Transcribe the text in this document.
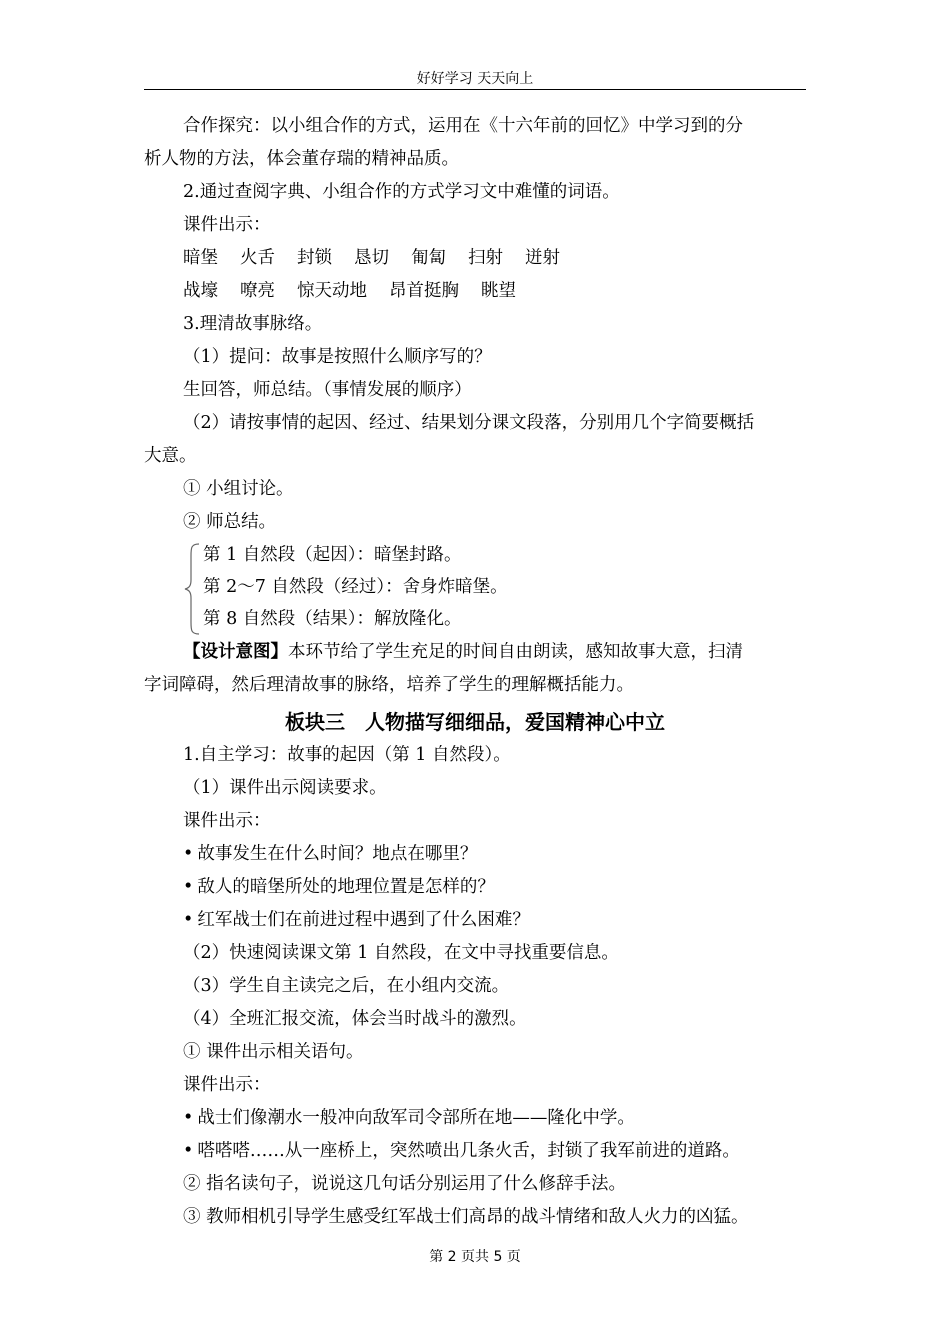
好好学习 天天向上
合作探究：以小组合作的方式，运用在《十六年前的回忆》中学习到的分
析人物的方法，体会董存瑞的精神品质。
2.通过查阅字典、小组合作的方式学习文中难懂的词语。
课件出示：
暗堡 火舌 封锁 恳切 匍匐 扫射 迸射
战壕 嘹亮 惊天动地 昂首挺胸 眺望
3.理清故事脉络。
（1）提问：故事是按照什么顺序写的？
生回答，师总结。（事情发展的顺序）
（2）请按事情的起因、经过、结果划分课文段落，分别用几个字简要概括
大意。
① 小组讨论。
② 师总结。
第 1 自然段（起因）：暗堡封路。
第 2～7 自然段（经过）：舍身炸暗堡。
第 8 自然段（结果）：解放隆化。
【设计意图】本环节给了学生充足的时间自由朗读，感知故事大意，扫清
字词障碍，然后理清故事的脉络，培养了学生的理解概括能力。
板块三　人物描写细细品，爱国精神心中立
1.自主学习：故事的起因（第 1 自然段）。
（1）课件出示阅读要求。
课件出示：
• 故事发生在什么时间？地点在哪里？
• 敌人的暗堡所处的地理位置是怎样的？
• 红军战士们在前进过程中遇到了什么困难？
（2）快速阅读课文第 1 自然段，在文中寻找重要信息。
（3）学生自主读完之后，在小组内交流。
（4）全班汇报交流，体会当时战斗的激烈。
① 课件出示相关语句。
课件出示：
• 战士们像潮水一般冲向敌军司令部所在地——隆化中学。
• 嗒嗒嗒……从一座桥上，突然喷出几条火舌，封锁了我军前进的道路。
② 指名读句子，说说这几句话分别运用了什么修辞手法。
③ 教师相机引导学生感受红军战士们高昂的战斗情绪和敌人火力的凶猛。
第 2 页共 5 页
